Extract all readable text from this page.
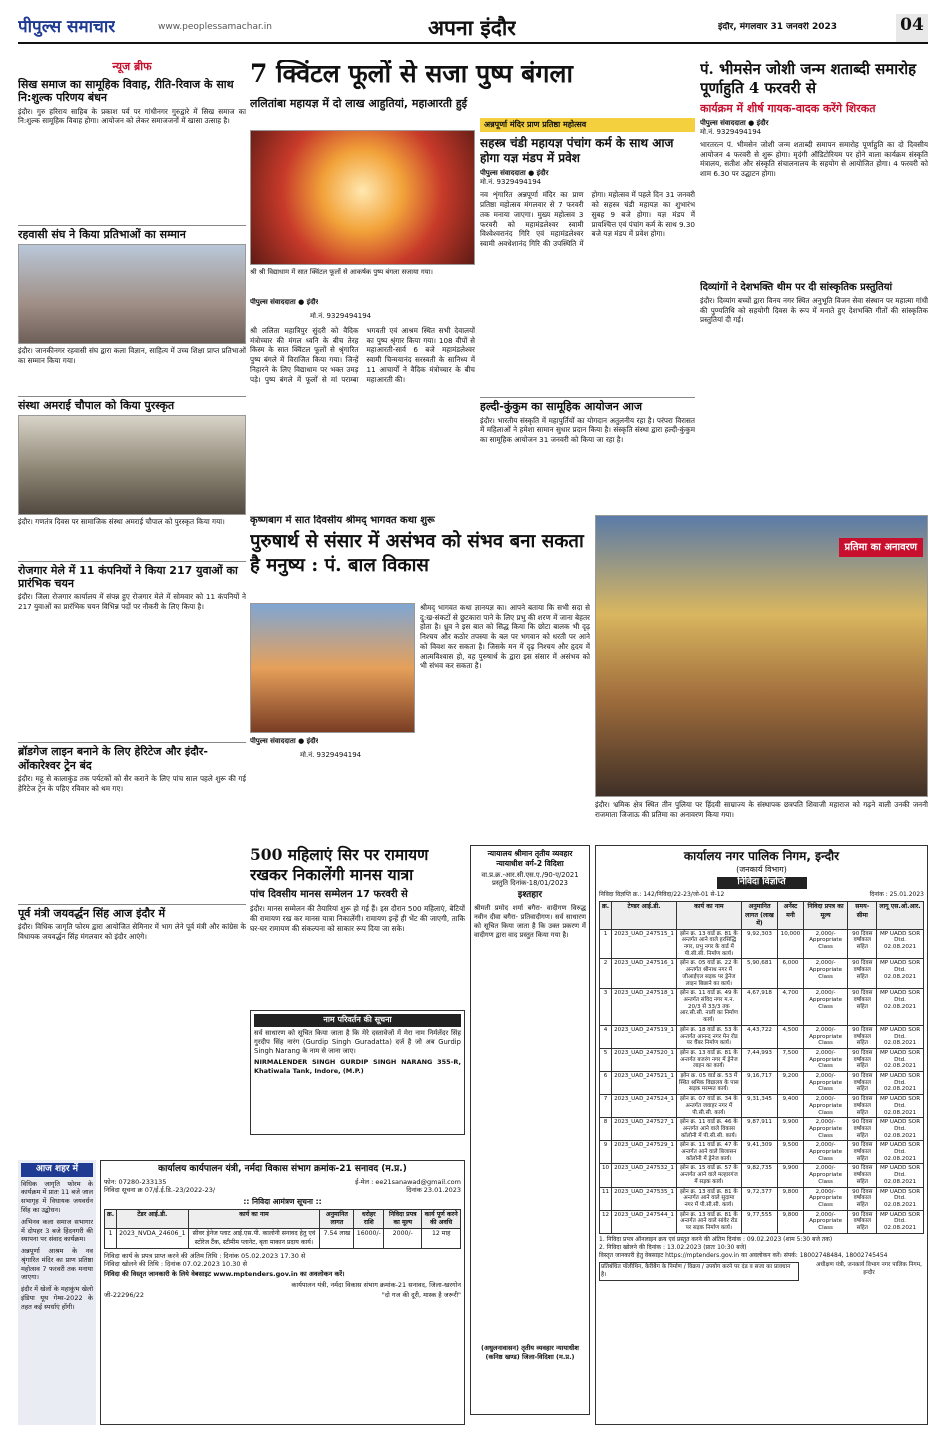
पीपुल्स समाचार	www.peoplessamachar.in	अपना इंदौर	इंदौर, मंगलवार 31 जनवरी 2023	04
न्यूज ब्रीफ
सिख समाज का सामूहिक विवाह, रीति-रिवाज के साथ नि:शुल्क परिणय बंधन
इंदौर। गुरु हरिराय साहिब के प्रकाश पर्व पर गांधीनगर गुरुद्वारे में सिख समाज का नि:शुल्क सामूहिक विवाह होगा। आयोजन को लेकर समाजजनों में खासा उत्साह है।
रहवासी संघ ने किया प्रतिभाओं का सम्मान
इंदौर। जानकीनगर रहवासी संघ द्वारा कला विज्ञान, साहित्य में उच्च शिक्षा प्राप्त प्रतिभाओं का सम्मान किया गया।
संस्था अमराई चौपाल को किया पुरस्कृत
इंदौर। गणतंत्र दिवस पर सामाजिक संस्था अमराई चौपाल को पुरस्कृत किया गया।
रोजगार मेले में 11 कंपनियों ने किया 217 युवाओं का प्रारंभिक चयन
इंदौर। जिला रोजगार कार्यालय में संपन्न हुए रोजगार मेले में सोमवार को 11 कंपनियों ने 217 युवाओं का प्रारंभिक चयन विभिन्न पदों पर नौकरी के लिए किया है।
ब्रॉडगेज लाइन बनाने के लिए हेरिटेज और इंदौर-ओंकारेश्वर ट्रेन बंद
इंदौर। महू से कालाकुंड तक पर्यटकों को सैर कराने के लिए पांच साल पहले शुरू की गई हेरिटेज ट्रेन के पहिए रविवार को थम गए।
पूर्व मंत्री जयवर्द्धन सिंह आज इंदौर में
इंदौर। विधिक जागृति फोरम द्वारा आयोजित सेमिनार में भाग लेने पूर्व मंत्री और कांग्रेस के विधायक जयवर्द्धन सिंह मंगलवार को इंदौर आएंगे।
7 क्विंटल फूलों से सजा पुष्प बंगला
ललितांबा महायज्ञ में दो लाख आहुतियां, महाआरती हुई
श्री श्री विद्याधाम में सात क्विंटल फूलों से आकर्षक पुष्प बंगला सजाया गया।
पीपुल्स संवाददाता ● इंदौर
मो.नं. 9329494194
श्री ललिता महात्रिपुर सुंदरी को वैदिक मंत्रोच्चार की मंगल ध्वनि के बीच तेरह किस्म के सात क्विंटल फूलों से श्रृंगारित पुष्प बंगले में विराजित किया गया। जिन्हें निहारने के लिए विद्याधाम पर भक्त उमड़ पड़े। पुष्प बंगले में फूलों से मां पराम्बा भगवती एवं आश्रम स्थित सभी देवालयों का पुष्प श्रृंगार किया गया। 108 वीपों से महाआरती-सार्व 6 बजे महामंडलेश्वर स्वामी चिन्मयानंद सरस्वती के सानिध्य में 11 आचार्यों ने वैदिक मंत्रोच्चार के बीच महाआरती की।
अन्नपूर्णा मंदिर प्राण प्रतिष्ठा महोत्सव
सहस्त्र चंडी महायज्ञ पंचांग कर्म के साथ आज होगा यज्ञ मंडप में प्रवेश
पीपुल्स संवाददाता ● इंदौर
मो.नं. 9329494194
नव शृंगारित अन्नपूर्णा मंदिर का प्राण प्रतिष्ठा महोत्सव मंगलवार से 7 फरवरी तक मनाया जाएगा। मुख्य महोत्सव 3 फरवरी को महामंडलेश्वर स्वामी विश्वेश्वरानंद गिरि एवं महामंडलेश्वर स्वामी अवधेशानंद गिरि की उपस्थिति में होगा। महोत्सव में पहले दिन 31 जनवरी को सहस्त्र चंडी महायज्ञ का शुभारंभ सुबह 9 बजे होगा। यज्ञ मंडप में प्रायश्चित्त एवं पंचांग कर्म के साथ 9.30 बजे यज्ञ मंडप में प्रवेश होगा।
हल्दी-कुंकुम का सामूहिक आयोजन आज
इंदौर। भारतीय संस्कृति में महापुर्तियों का योगदान अतुलनीय रहा है। परंपरा विरासत में महिलाओं ने हमेशा सामान सुधार प्रदान किया है। संस्कृति संस्था द्वारा हल्दी-कुंकुम का सामूहिक आयोजन 31 जनवरी को किया जा रहा है।
पं. भीमसेन जोशी जन्म शताब्दी समारोह पूर्णाहुति 4 फरवरी से
कार्यक्रम में शीर्ष गायक-वादक करेंगे शिरकत
पीपुल्स संवाददाता ● इंदौर
मो.नं. 9329494194
भारतरत्न पं. भीमसेन जोशी जन्म शताब्दी समापन समारोह पूर्णाहुति का दो दिवसीय आयोजन 4 फरवरी से शुरू होगा। मृदंगी ऑडिटोरियम पर होने वाला कार्यक्रम संस्कृति मंत्रालय, सतीश और संस्कृति संचालनालय के सहयोग से आयोजित होगा। 4 फरवरी को शाम 6.30 पर उद्घाटन होगा।
दिव्यांगों ने देशभक्ति थीम पर दी सांस्कृतिक प्रस्तुतियां
इंदौर। दिव्यांग बच्चों द्वारा विनय नगर स्थित अनुभूति विजन सेवा संस्थान पर महात्मा गांधी की पुण्यतिथि को सहयोगी दिवस के रूप में मनाते हुए देशभक्ति गीतों की सांस्कृतिक प्रस्तुतियां दी गई।
कृष्णबाग में सात दिवसीय श्रीमद् भागवत कथा शुरू
पुरुषार्थ से संसार में असंभव को संभव बना सकता है मनुष्य : पं. बाल विकास
पीपुल्स संवाददाता ● इंदौर
मो.नं. 9329494194
श्रीमद् भागवत कथा ज्ञानयज्ञ का। आपने बताया कि सभी सदा से दु:ख-संकटों से छुटकारा पाने के लिए प्रभु की शरण में जाना बेहतर होता है। ध्रुव ने इस बात को सिद्ध किया कि छोटा बालक भी दृढ़ निश्चय और कठोर तपस्या के बल पर भगवान को धरती पर आने को विवश कर सकता है। जिसके मन में दृढ़ निश्चय और हृदय में आत्मविश्वास हो, वह पुरुषार्थ के द्वारा इस संसार में असंभव को भी संभव कर सकता है।
प्रतिमा का अनावरण
इंदौर। भ्रमिक क्षेत्र स्थित तीन पुलिया पर हिंदवी साम्राज्य के संस्थापक छत्रपति शिवाजी महाराज को गढ़ने वाली उनकी जननी राजमाता जिजाऊ की प्रतिमा का अनावरण किया गया।
500 महिलाएं सिर पर रामायण रखकर निकालेंगी मानस यात्रा
पांच दिवसीय मानस सम्मेलन 17 फरवरी से
इंदौर। मानस सम्मेलन की तैयारियां शुरू हो गई हैं। इस दौरान 500 महिलाएं, बेटियों की रामायण रख कर मानस यात्रा निकालेंगी। रामायण इन्हें ही भेंट की जाएगी, ताकि घर-घर रामायण की संकल्पना को साकार रूप दिया जा सके।
नाम परिवर्तन की सूचना
सर्व साधारण को सूचित किया जाता है कि मेरे दस्तावेजों में मेरा नाम निर्मलेंदर सिंह गुरदीप सिंह नारंग (Gurdip Singh Guradatta) दर्ज है जो अब Gurdip Singh Narang के नाम से जाना जाए।
NIRMALENDER SINGH GURDIP SINGH NARANG 355-R, Khatiwala Tank, Indore, (M.P.)
न्यायालय श्रीमान तृतीय व्यवहार न्यायाधीश वर्ग-2 विदिशा
वा.प्र.क्र.-आर.सी.एस.ए./90-ए/2021 प्रस्तुति दिनांक-18/01/2023
इश्तहार
श्रीमती प्रमोद शर्मा बगैरा- वादीगण विरुद्ध नवीन दीवा बगैरा- प्रतिवादीगण। सर्व साधारण को सूचित किया जाता है कि उक्त प्रकरण में वादीगण द्वारा वाद प्रस्तुत किया गया है।
(अधुलनावासन) तृतीय व्यवहार न्यायाधीश (कनिष्ठ खण्ड) जिला-विदिशा (म.प्र.)
कार्यालय कार्यपालन यंत्री, नर्मदा विकास संभाग क्रमांक-21 सनावद (म.प्र.)
फोन: 07280-233135	ई-मेल : ee21sanawad@gmail.com
निविदा सूचना क्र 07/ई.ई.डि.-23/2022-23/	दिनांक 23.01.2023
:: निविदा आमंत्रण सूचना ::
क्र.	टेंडर आई.डी.	कार्य का नाम	अनुमानित लागत	धरोहर राशि	निविदा प्रपत्र का मूल्य	कार्य पूर्ण करने की अवधि
1	2023_NVDA_24606_1	सीवर ड्रेनेज प्लाट आई.एस.पी. कालोनी सनावद हेतु एवं स्टोरेज टैंक, स्टीमीम प्लानेट, बृता माकान प्रदाय कार्य।	7.54 लाख	16000/-	2000/-	12 माह
निविदा कार्य के प्रपत्र प्राप्त करने की अंतिम तिथि : दिनांक 05.02.2023 17.30 से
निविदा खोलने की तिथि : दिनांक 07.02.2023 10.30 से
निविदा की विस्तृत जानकारी के लिये वेबसाइट www.mptenders.gov.in का अवलोकन करें।
कार्यपालन यंत्री, नर्मदा विकास संभाग क्रमांक-21 सनावद, जिला-खरगोन
जी-22296/22	"दो गज की दूरी, मास्क है जरूरी"
आज शहर में
विधिक जागृति फोरम के कार्यक्रम में प्रातः 11 बजे जाल सभागृह में विधायक जयवर्धन सिंह का उद्बोधन।
अभिनव कला समाज सभागार में दोपहर 3 बजे हिंदनगरी की स्थापना पर संवाद कार्यक्रम।
अन्नपूर्णा आश्रम के नव श्रृंगारित मंदिर का प्राण प्रतिष्ठा महोत्सव 7 फरवरी तक मनाया जाएगा।
इंदौर में खेलों के महाकुंभ खेलो इंडिया यूथ गेम्स-2022 के तहत कई स्पर्धाएं होंगी।
कार्यालय नगर पालिक निगम, इन्दौर
(जनकार्य विभाग)
निविदा विज्ञप्ति
निविदा विज्ञप्ति क्र.: 142/निविदा/22-23/जो-01 से-12	दिनांक : 25.01.2023
क्र.	टेण्डर आई.डी.	कार्य का नाम	अनुमानित लागत (लाख में)	अर्नेस्ट मनी	निविदा प्रपत्र का मूल्य	समय-सीमा	लागू एस.ओ.आर.
1	2023_UAD_247515_1	झोन क्र. 13 वार्ड क्र. 81 के अन्तर्गत आने वाले हरसिद्धि नगर, प्रभु नगर के वार्ड में पी.सी.सी. निर्माण कार्य।	9,92,303	10,000	2,000/- Appropriate Class	90 दिवस वर्षाकाल सहित	MP UADD SOR Dtd. 02.08.2021
2	2023_UAD_247516_1	झोन क्र. 05 वार्ड क्र. 22 के अन्तर्गत श्रीनाथ नगर में जीआईएल सड़क पर ड्रेनेज लाइन बिछाने का कार्य।	5,90,681	6,000	2,000/- Appropriate Class	90 दिवस वर्षाकाल सहित	MP UADD SOR Dtd. 02.08.2021
3	2023_UAD_247518_1	झोन क्र. 11 वार्ड क्र. 49 के अन्तर्गत संविद नगर म.न. 20/3 से 33/3 तक आर.सी.सी. नाली का निर्माण कार्य।	4,67,918	4,700	2,000/- Appropriate Class	90 दिवस वर्षाकाल सहित	MP UADD SOR Dtd. 02.08.2021
4	2023_UAD_247519_1	झोन क्र. 18 वार्ड क्र. 53 के अन्तर्गत आनन्द नगर मेन रोड पर चैंबर निर्माण कार्य।	4,43,722	4,500	2,000/- Appropriate Class	90 दिवस वर्षाकाल सहित	MP UADD SOR Dtd. 02.08.2021
5	2023_UAD_247520_1	झोन क्र. 13 वार्ड क्र. 81 के अन्तर्गत बजरंग नगर में ड्रेनेज लाइन का कार्य।	7,44,993	7,500	2,000/- Appropriate Class	90 दिवस वर्षाकाल सहित	MP UADD SOR Dtd. 02.08.2021
6	2023_UAD_247521_1	झोन क्र. 05 वार्ड क्र. 53 में स्थित श्रमिक विद्यालय के पास सड़क मरम्मत कार्य।	9,16,717	9,200	2,000/- Appropriate Class	90 दिवस वर्षाकाल सहित	MP UADD SOR Dtd. 02.08.2021
7	2023_UAD_247524_1	झोन क्र. 07 वार्ड क्र. 34 के अन्तर्गत जवाहर नगर में पी.सी.सी. कार्य।	9,31,345	9,400	2,000/- Appropriate Class	90 दिवस वर्षाकाल सहित	MP UADD SOR Dtd. 02.08.2021
8	2023_UAD_247527_1	झोन क्र. 11 वार्ड क्र. 46 के अन्तर्गत आने वाले विकास कॉलोनी में पी.सी.सी. कार्य।	9,87,911	9,900	2,000/- Appropriate Class	90 दिवस वर्षाकाल सहित	MP UADD SOR Dtd. 02.08.2021
9	2023_UAD_247529_1	झोन क्र. 11 वार्ड क्र. 47 के अन्तर्गत आने वाले बिजासन कॉलोनी में ड्रेनेज कार्य।	9,41,309	9,500	2,000/- Appropriate Class	90 दिवस वर्षाकाल सहित	MP UADD SOR Dtd. 02.08.2021
10	2023_UAD_247532_1	झोन क्र. 15 वार्ड क्र. 57 के अन्तर्गत आने वाले मल्हारगंज में सड़क कार्य।	9,82,735	9,900	2,000/- Appropriate Class	90 दिवस वर्षाकाल सहित	MP UADD SOR Dtd. 02.08.2021
11	2023_UAD_247535_1	झोन क्र. 13 वार्ड क्र. 81 के अन्तर्गत आने वाले सुदामा नगर में पी.सी.सी. कार्य।	9,72,377	9,800	2,000/- Appropriate Class	90 दिवस वर्षाकाल सहित	MP UADD SOR Dtd. 02.08.2021
12	2023_UAD_247544_1	झोन क्र. 13 वार्ड क्र. 81 के अन्तर्गत आने वाले सांवेर रोड पर सड़क निर्माण कार्य।	9,77,555	9,800	2,000/- Appropriate Class	90 दिवस वर्षाकाल सहित	MP UADD SOR Dtd. 02.08.2021
1. निविदा प्रपत्र ऑनलाइन क्रय एवं प्रस्तुत करने की अंतिम दिनांक : 09.02.2023 (शाम 5:30 बजे तक)
2. निविदा खोलने की दिनांक : 13.02.2023 (प्रातः 10:30 बजे)
विस्तृत जानकारी हेतु वेबसाइट https://mptenders.gov.in का अवलोकन करें। संपर्क: 18002748484, 18002745454
प्रतिबंधित पॉलीथिन, कैरीबैग के निर्माण / विक्रय / उपयोग करने पर दंड व सजा का प्रावधान है।
अधीक्षण यंत्री, जनकार्य विभाग नगर पालिक निगम, इन्दौर
